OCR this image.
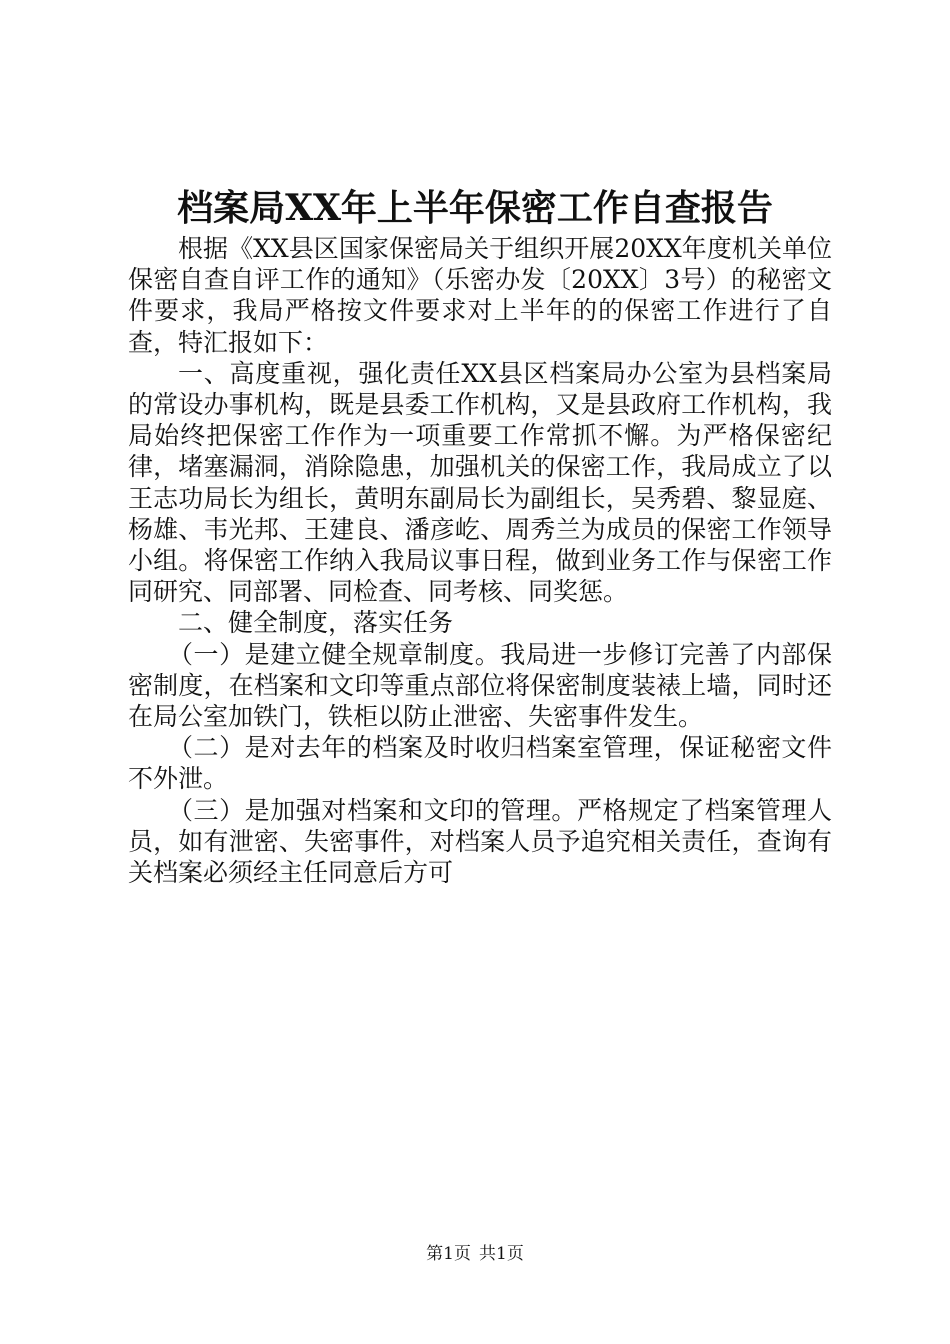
档案局XX年上半年保密工作自查报告

根据《XX县区国家保密局关于组织开展20XX年度机关单位保密自查自评工作的通知》（乐密办发〔20XX〕3号）的秘密文件要求，我局严格按文件要求对上半年的的保密工作进行了自查，特汇报如下：

一、高度重视，强化责任XX县区档案局办公室为县档案局的常设办事机构，既是县委工作机构，又是县政府工作机构，我局始终把保密工作作为一项重要工作常抓不懈。为严格保密纪律，堵塞漏洞，消除隐患，加强机关的保密工作，我局成立了以王志功局长为组长，黄明东副局长为副组长，吴秀碧、黎显庭、杨雄、韦光邦、王建良、潘彦屹、周秀兰为成员的保密工作领导小组。将保密工作纳入我局议事日程，做到业务工作与保密工作同研究、同部署、同检查、同考核、同奖惩。

二、健全制度，落实任务

（一）是建立健全规章制度。我局进一步修订完善了内部保密制度，在档案和文印等重点部位将保密制度装裱上墙，同时还在局公室加铁门，铁柜以防止泄密、失密事件发生。

（二）是对去年的档案及时收归档案室管理，保证秘密文件不外泄。

（三）是加强对档案和文印的管理。严格规定了档案管理人员，如有泄密、失密事件，对档案人员予追究相关责任，查询有关档案必须经主任同意后方可

第1页 共1页
